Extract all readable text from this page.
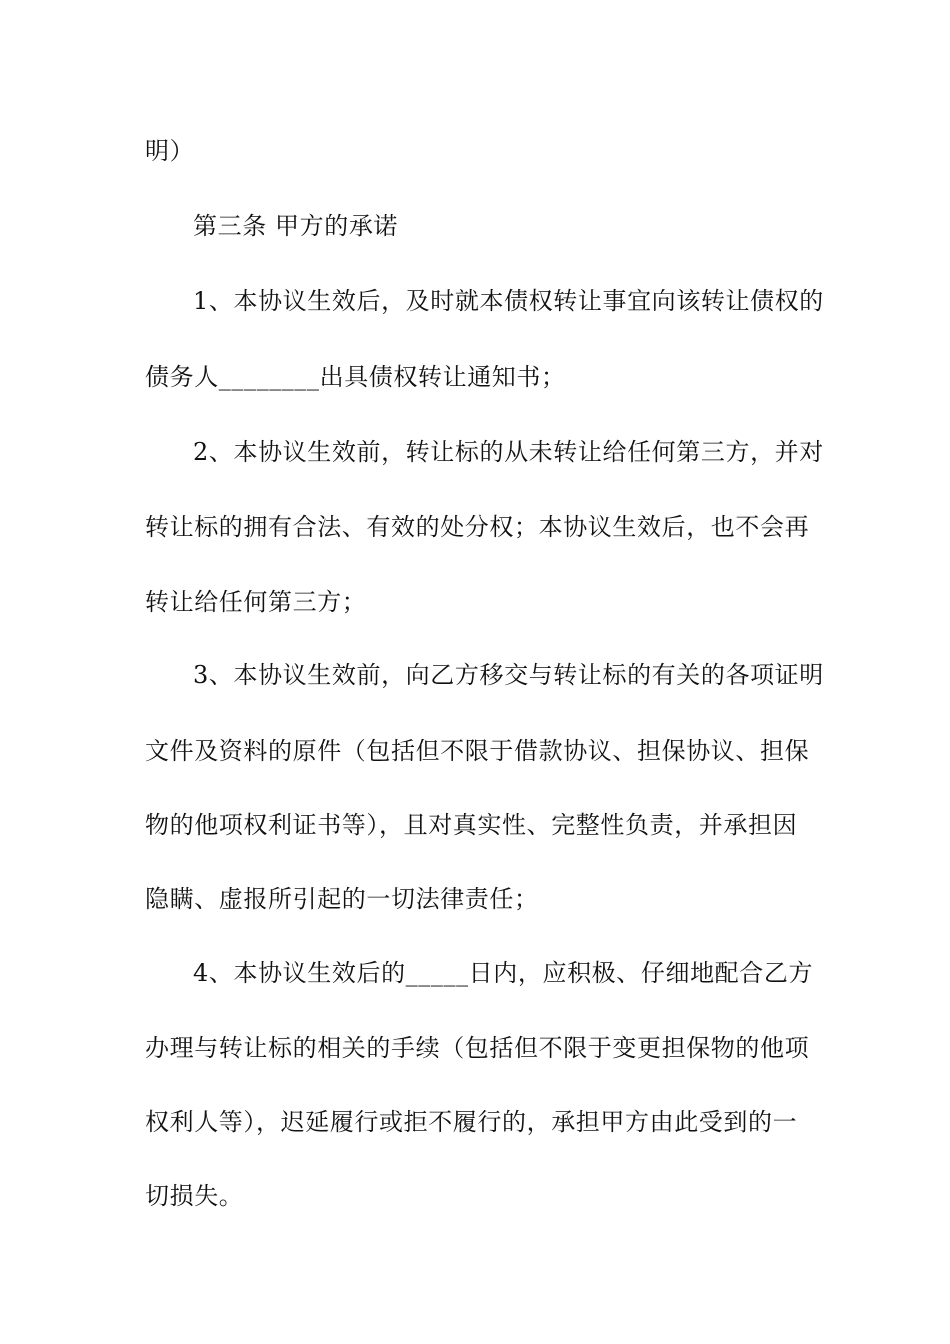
明）
第三条 甲方的承诺
1、本协议生效后，及时就本债权转让事宜向该转让债权的
债务人________出具债权转让通知书；
2、本协议生效前，转让标的从未转让给任何第三方，并对
转让标的拥有合法、有效的处分权；本协议生效后，也不会再
转让给任何第三方；
3、本协议生效前，向乙方移交与转让标的有关的各项证明
文件及资料的原件（包括但不限于借款协议、担保协议、担保
物的他项权利证书等），且对真实性、完整性负责，并承担因
隐瞒、虚报所引起的一切法律责任；
4、本协议生效后的_____日内，应积极、仔细地配合乙方
办理与转让标的相关的手续（包括但不限于变更担保物的他项
权利人等），迟延履行或拒不履行的，承担甲方由此受到的一
切损失。
